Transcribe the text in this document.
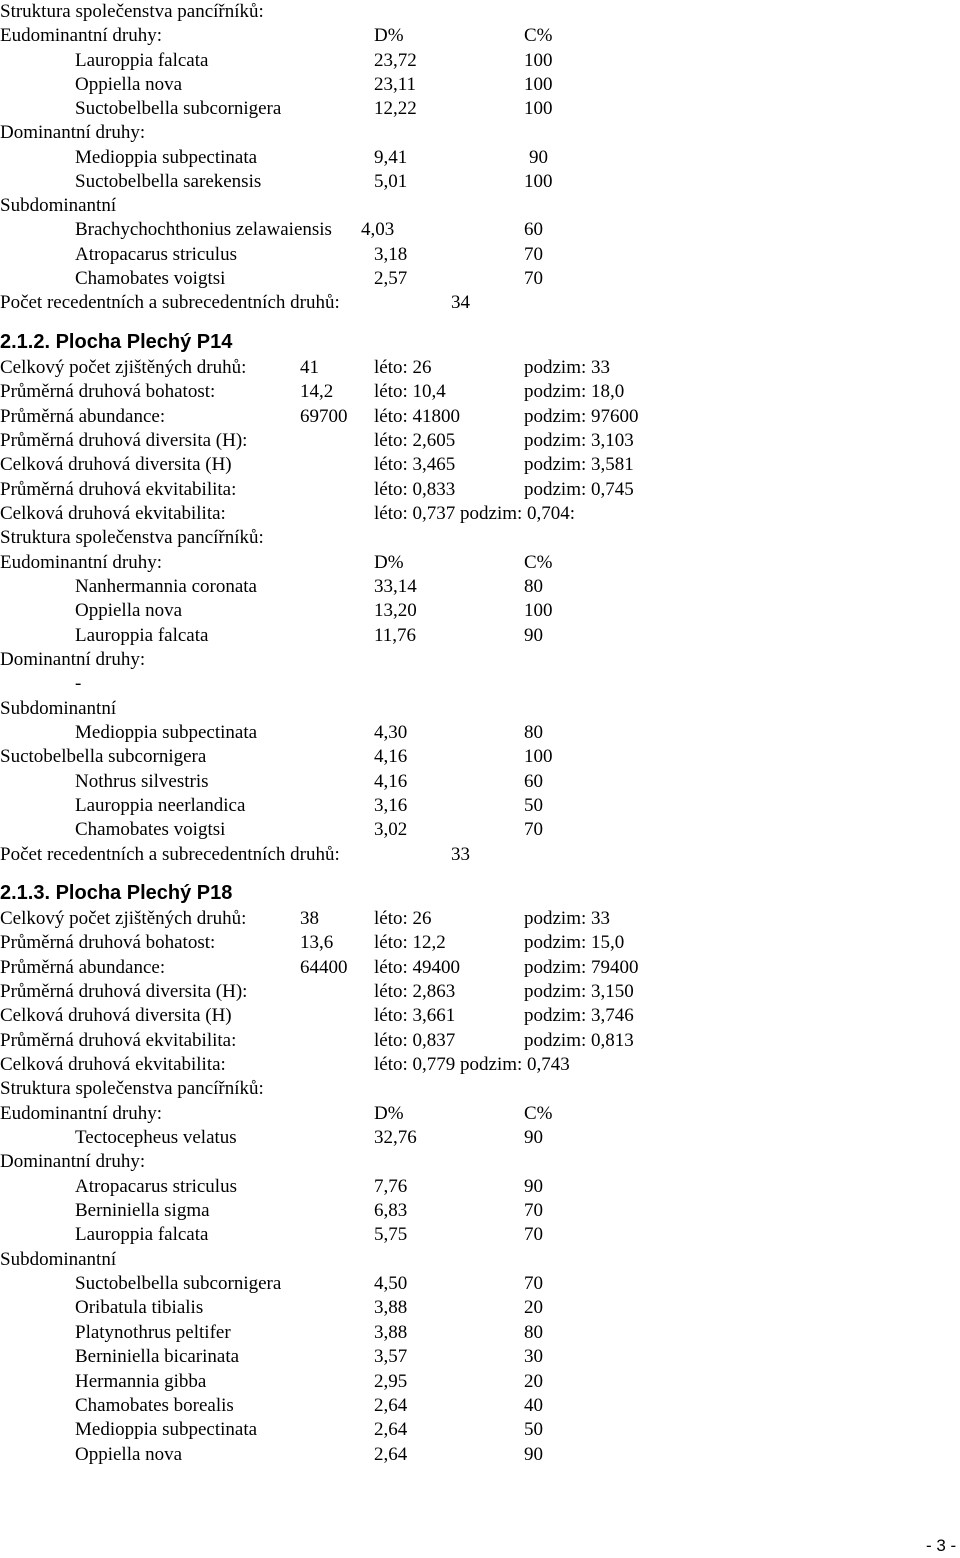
Struktura společenstva pancířníků:
Eudominantní druhy:	D%	C%
Lauroppia falcata	23,72	100
Oppiella nova	23,11	100
Suctobelbella subcornigera	12,22	100
Dominantní druhy:
Medioppia subpectinata	9,41	90
Suctobelbella sarekensis	5,01	100
Subdominantní
Brachychochthonius zelawaiensis 4,03	60
Atropacarus striculus	3,18	70
Chamobates voigtsi	2,57	70
Počet recedentních a subrecedentních druhů:	34
2.1.2. Plocha Plechý P14
Celkový počet zjištěných druhů:	41	léto: 26	podzim: 33
Průměrná druhová bohatost:	14,2 léto: 10,4	podzim: 18,0
Průměrná abundance:	69700 léto: 41800	podzim: 97600
Průměrná druhová diversita (H):	léto: 2,605	podzim: 3,103
Celková druhová diversita (H)	léto: 3,465	podzim: 3,581
Průměrná druhová ekvitabilita:	léto: 0,833	podzim: 0,745
Celková druhová ekvitabilita:	léto: 0,737 podzim: 0,704:
Struktura společenstva pancířníků:
Eudominantní druhy:	D%	C%
Nanhermannia coronata	33,14	80
Oppiella nova	13,20	100
Lauroppia falcata	11,76	90
Dominantní druhy:
-
Subdominantní
Medioppia subpectinata	4,30	80
Suctobelbella subcornigera	4,16	100
Nothrus silvestris	4,16	60
Lauroppia neerlandica	3,16	50
Chamobates voigtsi	3,02	70
Počet recedentních a subrecedentních druhů:	33
2.1.3. Plocha Plechý P18
Celkový počet zjištěných druhů:	38	léto: 26	podzim: 33
Průměrná druhová bohatost:	13,6 léto: 12,2	podzim: 15,0
Průměrná abundance:	64400 léto: 49400	podzim: 79400
Průměrná druhová diversita (H):	léto: 2,863	podzim: 3,150
Celková druhová diversita (H)	léto: 3,661	podzim: 3,746
Průměrná druhová ekvitabilita:	léto: 0,837	podzim: 0,813
Celková druhová ekvitabilita:	léto: 0,779 podzim: 0,743
Struktura společenstva pancířníků:
Eudominantní druhy:	D%	C%
Tectocepheus velatus	32,76	90
Dominantní druhy:
Atropacarus striculus	7,76	90
Berniniella sigma	6,83	70
Lauroppia falcata	5,75	70
Subdominantní
Suctobelbella subcornigera	4,50	70
Oribatula tibialis	3,88	20
Platynothrus peltifer	3,88	80
Berniniella bicarinata	3,57	30
Hermannia gibba	2,95	20
Chamobates borealis	2,64	40
Medioppia subpectinata	2,64	50
Oppiella nova	2,64	90
- 3 -
